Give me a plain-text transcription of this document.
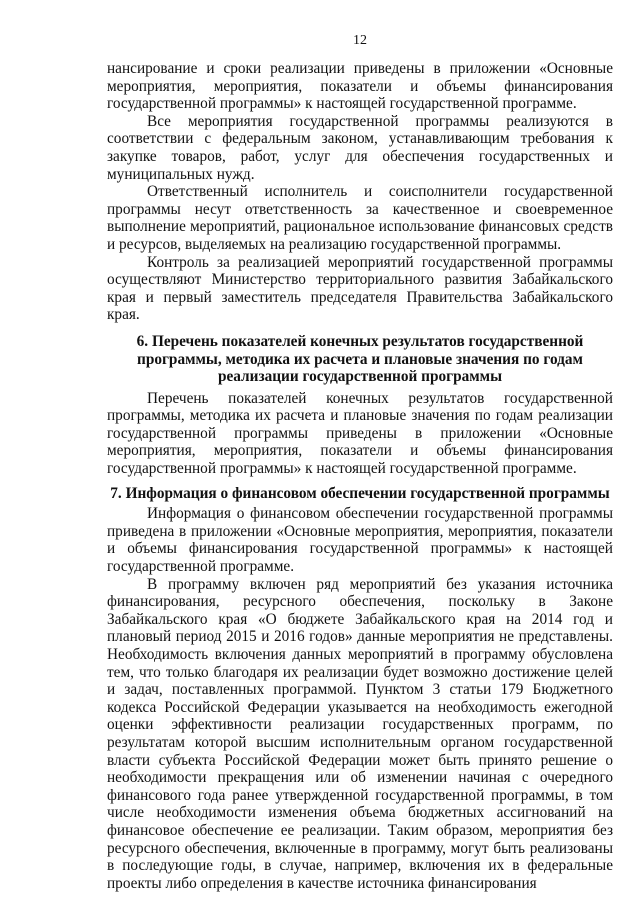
12

нансирование и сроки реализации приведены в приложении «Основные мероприятия, мероприятия, показатели и объемы финансирования государственной программы» к настоящей государственной программе.

Все мероприятия государственной программы реализуются в соответствии с федеральным законом, устанавливающим требования к закупке товаров, работ, услуг для обеспечения государственных и муниципальных нужд.

Ответственный исполнитель и соисполнители государственной программы несут ответственность за качественное и своевременное выполнение мероприятий, рациональное использование финансовых средств и ресурсов, выделяемых на реализацию государственной программы.

Контроль за реализацией мероприятий государственной программы осуществляют Министерство территориального развития Забайкальского края и первый заместитель председателя Правительства Забайкальского края.

6. Перечень показателей конечных результатов государственной программы, методика их расчета и плановые значения по годам реализации государственной программы

Перечень показателей конечных результатов государственной программы, методика их расчета и плановые значения по годам реализации государственной программы приведены в приложении «Основные мероприятия, мероприятия, показатели и объемы финансирования государственной программы» к настоящей государственной программе.

7. Информация о финансовом обеспечении государственной программы

Информация о финансовом обеспечении государственной программы приведена в приложении «Основные мероприятия, мероприятия, показатели и объемы финансирования государственной программы» к настоящей государственной программе.

В программу включен ряд мероприятий без указания источника финансирования, ресурсного обеспечения, поскольку в Законе Забайкальского края «О бюджете Забайкальского края на 2014 год и плановый период 2015 и 2016 годов» данные мероприятия не представлены. Необходимость включения данных мероприятий в программу обусловлена тем, что только благодаря их реализации будет возможно достижение целей и задач, поставленных программой. Пунктом 3 статьи 179 Бюджетного кодекса Российской Федерации указывается на необходимость ежегодной оценки эффективности реализации государственных программ, по результатам которой высшим исполнительным органом государственной власти субъекта Российской Федерации может быть принято решение о необходимости прекращения или об изменении начиная с очередного финансового года ранее утвержденной государственной программы, в том числе необходимости изменения объема бюджетных ассигнований на финансовое обеспечение ее реализации. Таким образом, мероприятия без ресурсного обеспечения, включенные в программу, могут быть реализованы в последующие годы, в случае, например, включения их в федеральные проекты либо определения в качестве источника финансирования
